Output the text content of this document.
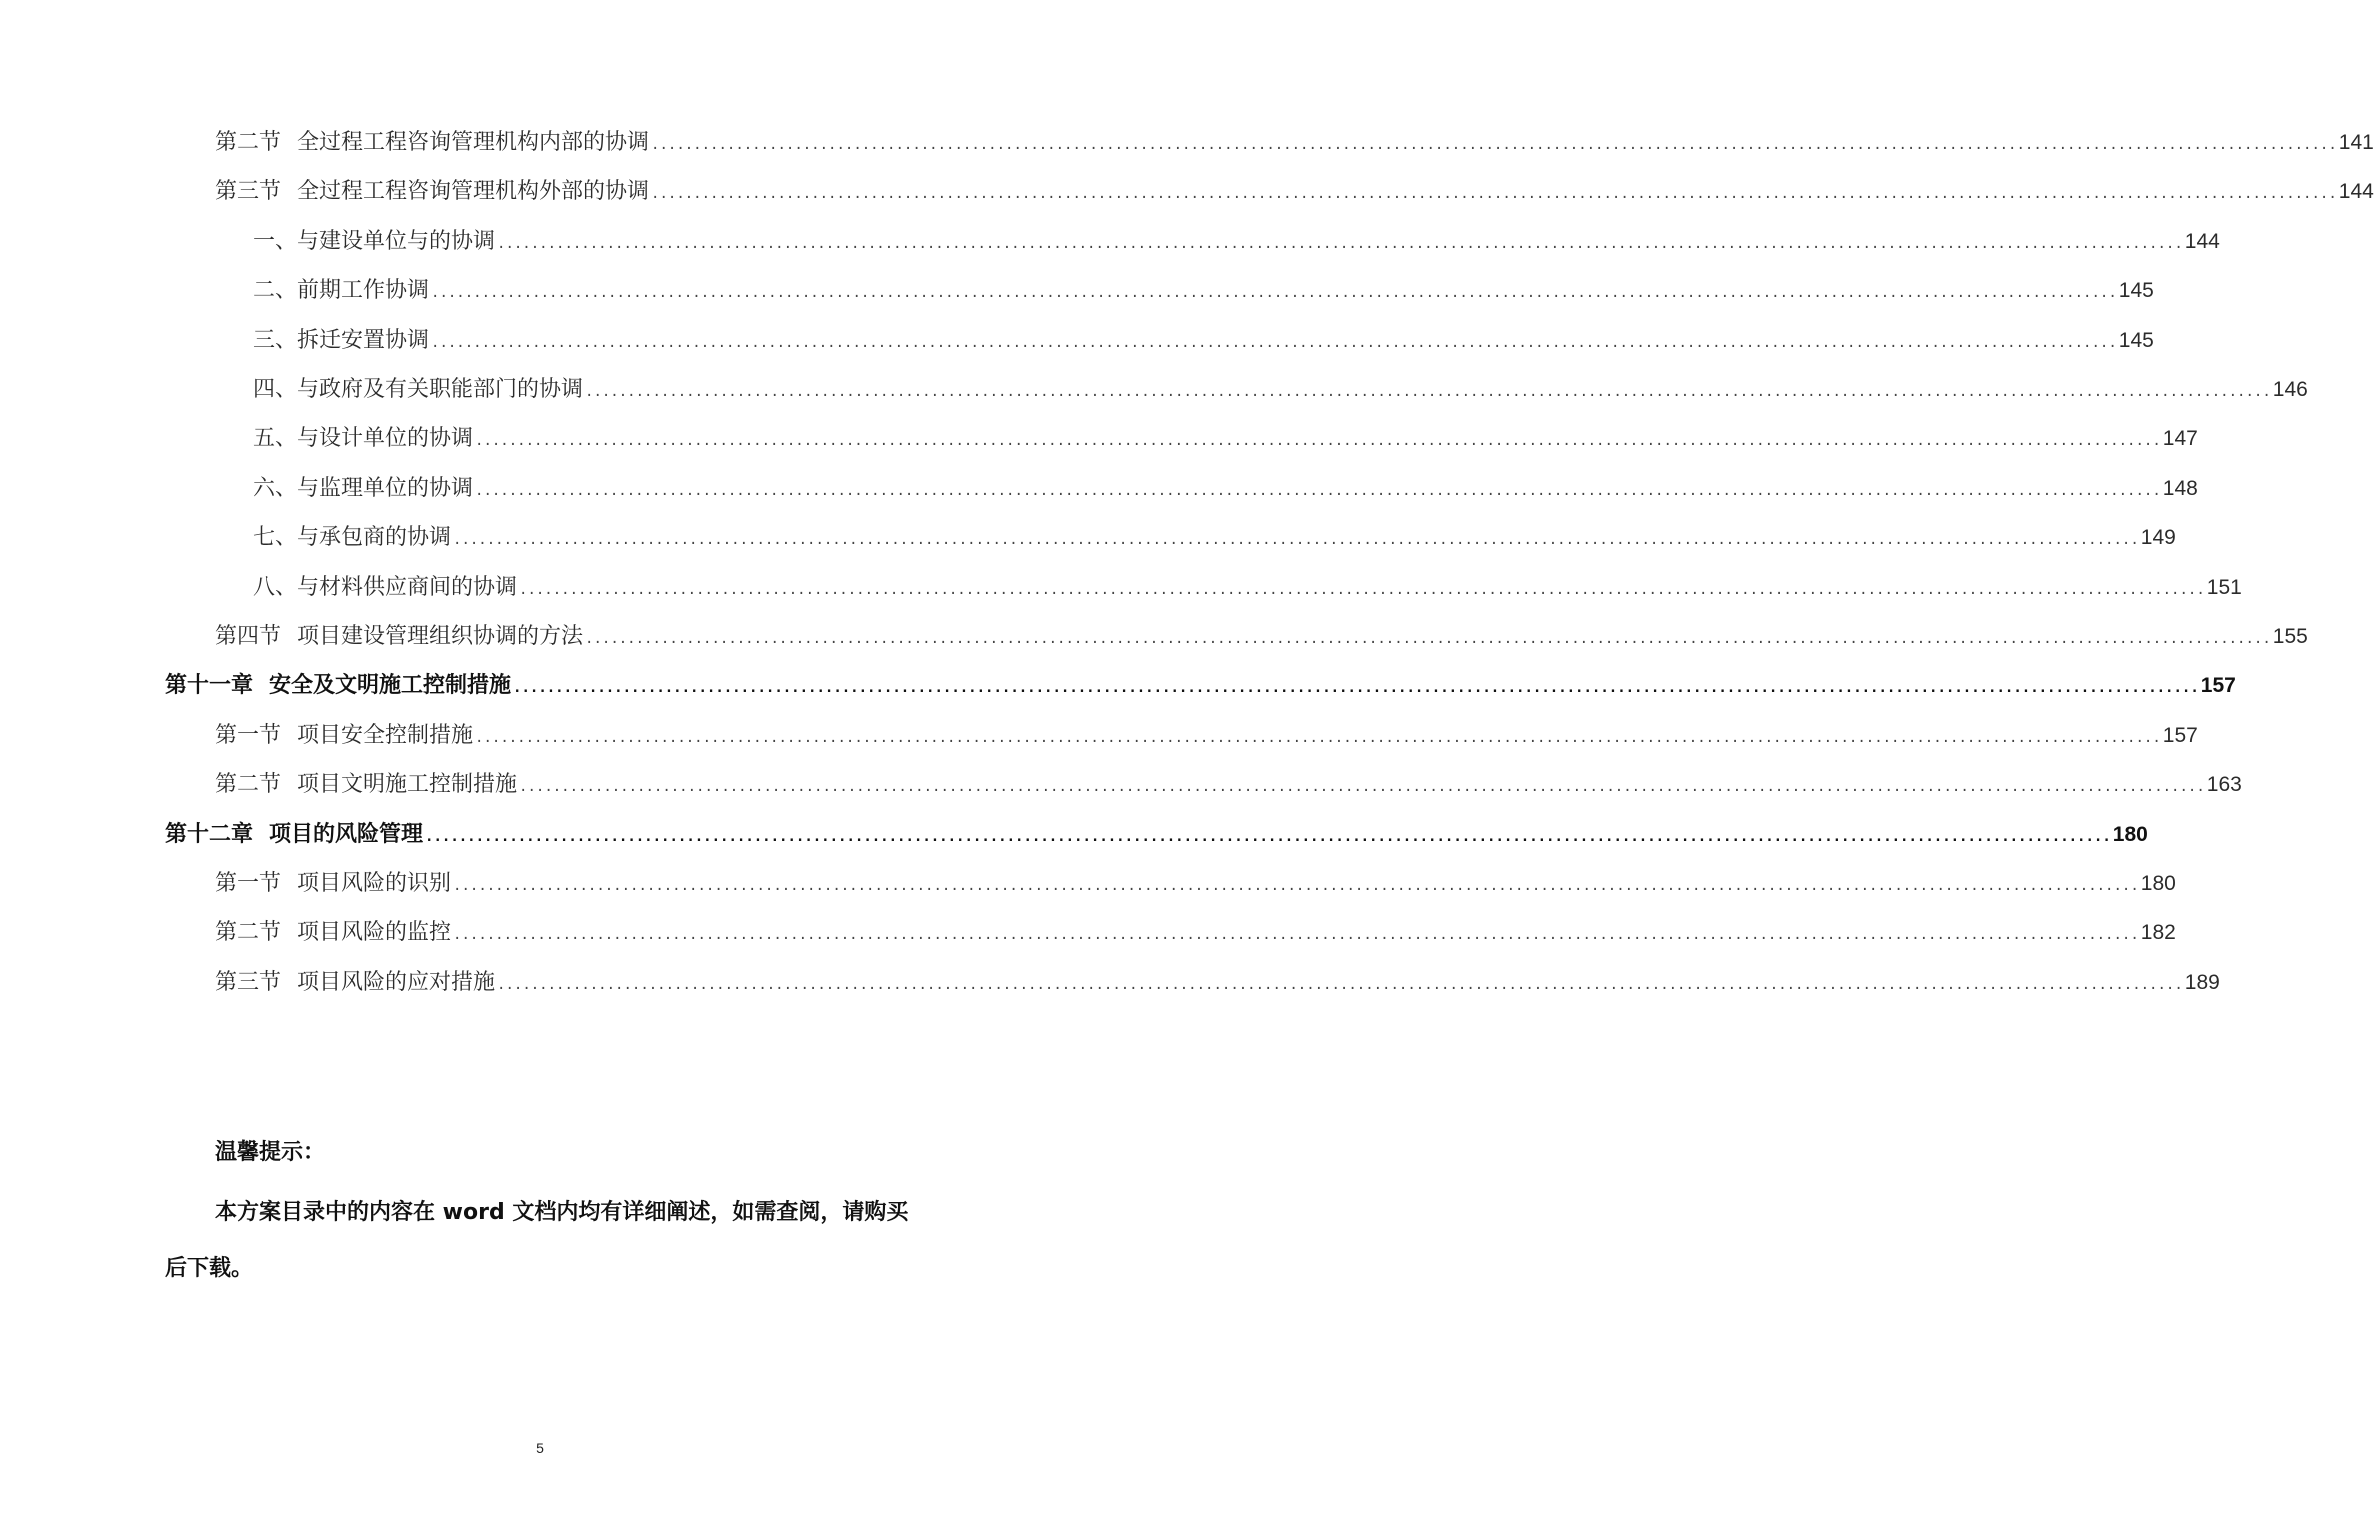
第二节 全过程工程咨询管理机构内部的协调 ........................................................................................................................................................................................................ 141
第三节 全过程工程咨询管理机构外部的协调 ........................................................................................................................................................................................................ 144
一、与建设单位与的协调 ........................................................................................................................................................................................................ 144
二、前期工作协调 ........................................................................................................................................................................................................ 145
三、拆迁安置协调 ........................................................................................................................................................................................................ 145
四、与政府及有关职能部门的协调 ........................................................................................................................................................................................................ 146
五、与设计单位的协调 ........................................................................................................................................................................................................ 147
六、与监理单位的协调 ........................................................................................................................................................................................................ 148
七、与承包商的协调 ........................................................................................................................................................................................................ 149
八、与材料供应商间的协调 ........................................................................................................................................................................................................ 151
第四节 项目建设管理组织协调的方法 ........................................................................................................................................................................................................ 155
第十一章 安全及文明施工控制措施 ........................................................................................................................................................................................................ 157
第一节 项目安全控制措施 ........................................................................................................................................................................................................ 157
第二节 项目文明施工控制措施 ........................................................................................................................................................................................................ 163
第十二章 项目的风险管理 ........................................................................................................................................................................................................ 180
第一节 项目风险的识别 ........................................................................................................................................................................................................ 180
第二节 项目风险的监控 ........................................................................................................................................................................................................ 182
第三节 项目风险的应对措施 ........................................................................................................................................................................................................ 189
温馨提示：
本方案目录中的内容在 word 文档内均有详细阐述，如需查阅，请购买后下载。
5
